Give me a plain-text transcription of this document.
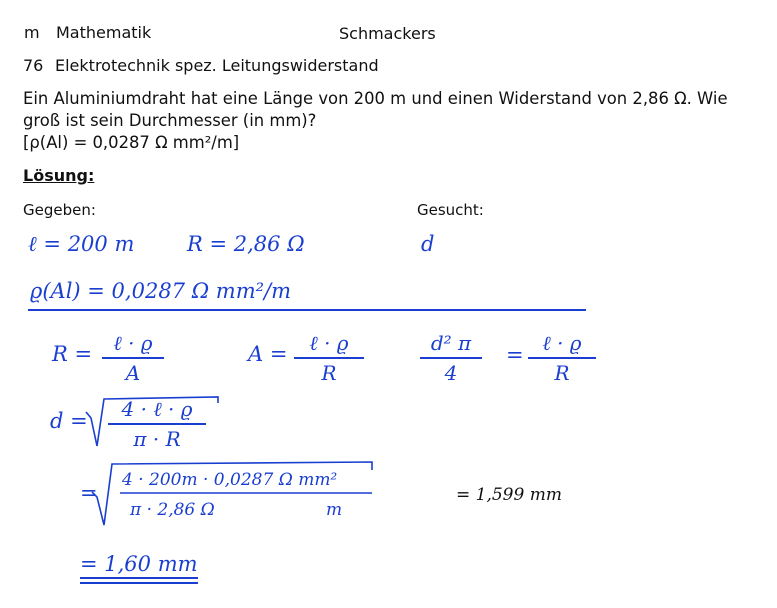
m Mathematik	Schmackers
76 Elektrotechnik spez. Leitungswiderstand
Ein Aluminiumdraht hat eine Länge von 200 m und einen Widerstand von 2,86 Ω. Wie
groß ist sein Durchmesser (in mm)?
[ρ(Al) = 0,0287 Ω mm²/m]
Lösung:
Gegeben:	Gesucht:
ℓ = 200 m	R = 2,86 Ω	d
ϱ(Al) = 0,0287 Ω mm²/m
R =	ℓ · ϱ
A
A =	ℓ · ϱ
R
d² π
4
= ℓ · ϱ
R
d =	4 · ℓ · ϱ
π · R
=
4 · 200m · 0,0287 Ω mm²
π · 2,86 Ω	m
= 1,599 mm
= 1,60 mm
